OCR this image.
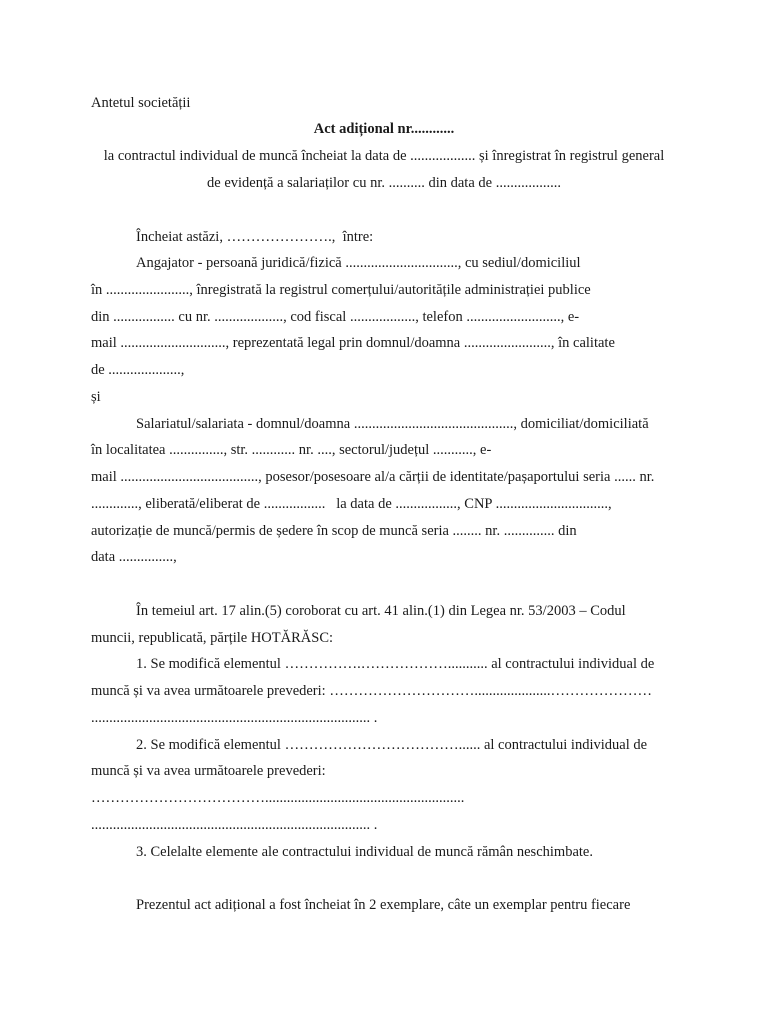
Antetul societății
Act adițional nr............
la contractul individual de muncă încheiat la data de .................. și înregistrat în registrul general
de evidență a salariaților cu nr. .......... din data de ..................
Încheiat astăzi, ………………….,  între:
Angajator - persoană juridică/fizică ..............................., cu sediul/domiciliul
în ......................., înregistrată la registrul comerțului/autoritățile administrației publice
din ................. cu nr. ..................., cod fiscal .................., telefon .........................., e-
mail ............................., reprezentată legal prin domnul/doamna ........................, în calitate
de ....................,
și
Salariatul/salariata - domnul/doamna ............................................, domiciliat/domiciliată
în localitatea ..............., str. ............ nr. ...., sectorul/județul ..........., e-
mail ......................................, posesor/posesoare al/a cărții de identitate/pașaportului seria ...... nr.
............., eliberată/eliberat de .................   la data de ................., CNP ...............................,
autorizație de muncă/permis de ședere în scop de muncă seria ........ nr. .............. din
data ...............,
În temeiul art. 17 alin.(5) coroborat cu art. 41 alin.(1) din Legea nr. 53/2003 – Codul
muncii, republicată, părțile HOTĂRĂSC:
1. Se modifică elementul …………….………………........... al contractului individual de
muncă și va avea următoarele prevederi: ………………………….....................…………………
............................................................................. .
2. Se modifică elementul ………………………………...... al contractului individual de
muncă și va avea următoarele prevederi:
……………………………….......................................................
............................................................................. .
3. Celelalte elemente ale contractului individual de muncă rămân neschimbate.
Prezentul act adițional a fost încheiat în 2 exemplare, câte un exemplar pentru fiecare
